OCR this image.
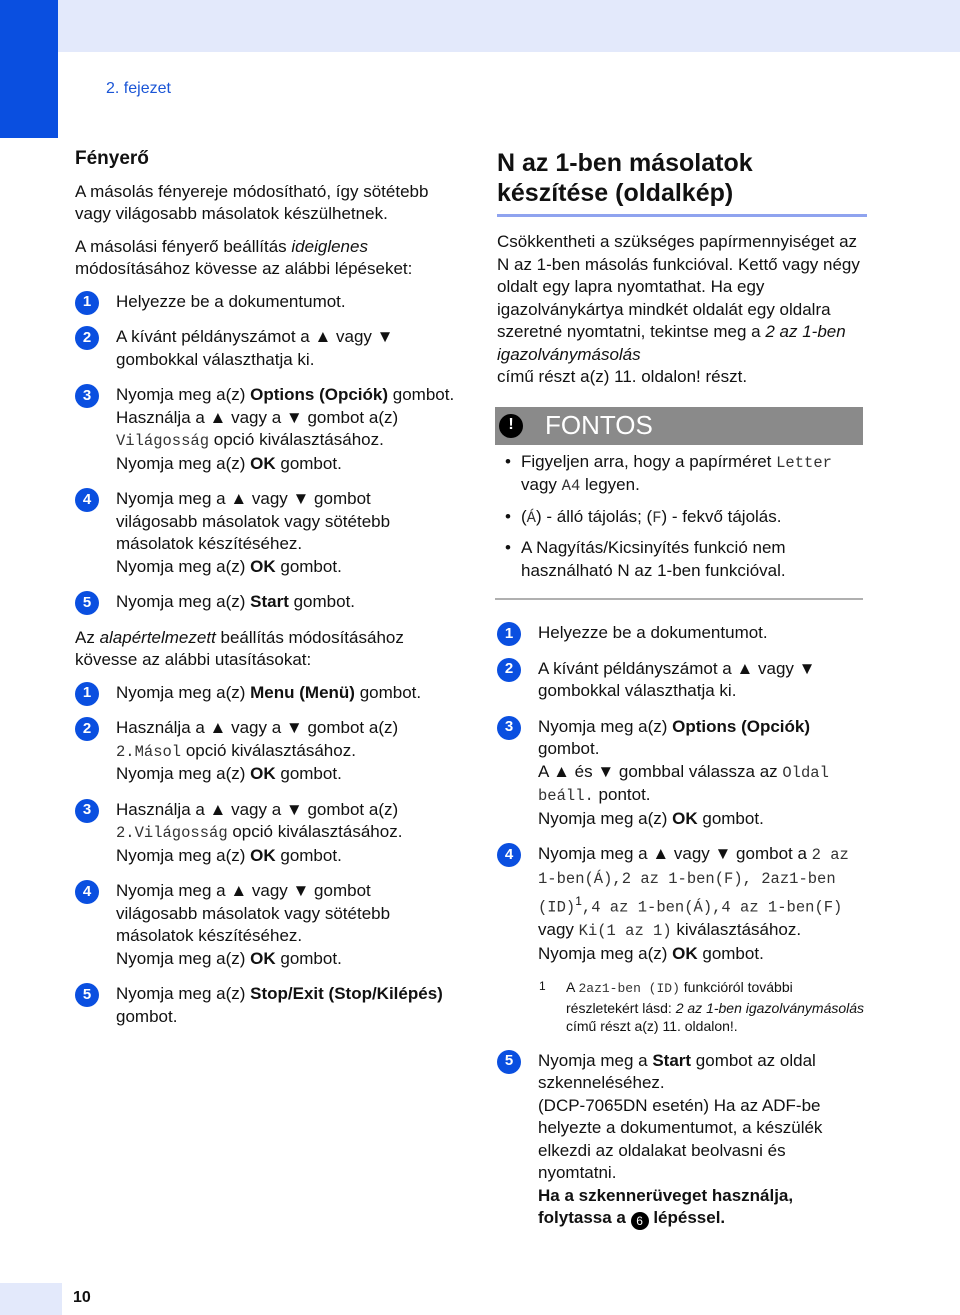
2. fejezet
Fényerő

A másolás fényereje módosítható, így sötétebb vagy világosabb másolatok készülhetnek.

A másolási fényerő beállítás ideiglenes módosításához kövesse az alábbi lépéseket:

1	Helyezze be a dokumentumot.
2	A kívánt példányszámot a ▲ vagy ▼ gombokkal választhatja ki.
3	Nyomja meg a(z) Options (Opciók) gombot.
Használja a ▲ vagy a ▼ gombot a(z) Világosság opció kiválasztásához.
Nyomja meg a(z) OK gombot.
4	Nyomja meg a ▲ vagy ▼ gombot világosabb másolatok vagy sötétebb másolatok készítéséhez.
Nyomja meg a(z) OK gombot.
5	Nyomja meg a(z) Start gombot.

Az alapértelmezett beállítás módosításához kövesse az alábbi utasításokat:

1	Nyomja meg a(z) Menu (Menü) gombot.
2	Használja a ▲ vagy a ▼ gombot a(z)
2.Másol opció kiválasztásához.
Nyomja meg a(z) OK gombot.
3	Használja a ▲ vagy a ▼ gombot a(z)
2.Világosság opció kiválasztásához.
Nyomja meg a(z) OK gombot.
4	Nyomja meg a ▲ vagy ▼ gombot világosabb másolatok vagy sötétebb másolatok készítéséhez.
Nyomja meg a(z) OK gombot.
5	Nyomja meg a(z) Stop/Exit (Stop/Kilépés) gombot.
N az 1-ben másolatok készítése (oldalkép)

Csökkentheti a szükséges papírmennyiséget az N az 1-ben másolás funkcióval. Kettő vagy négy oldalt egy lapra nyomtathat. Ha egy igazolványkártya mindkét oldalát egy oldalra szeretné nyomtatni, tekintse meg a 2 az 1-ben igazolványmásolás
című részt a(z) 11. oldalon! részt.

!	FONTOS
• Figyeljen arra, hogy a papírméret Letter vagy A4 legyen.
• (Á) - álló tájolás; (F) - fekvő tájolás.
• A Nagyítás/Kicsinyítés funkció nem használható N az 1-ben funkcióval.
1	Helyezze be a dokumentumot.
2	A kívánt példányszámot a ▲ vagy ▼ gombokkal választhatja ki.
3	Nyomja meg a(z) Options (Opciók) gombot.
A ▲ és ▼ gombbal válassza az Oldal beáll. pontot.
Nyomja meg a(z) OK gombot.
4	Nyomja meg a ▲ vagy ▼ gombot a 2 az 1-ben(Á),2 az 1-ben(F), 2az1-ben (ID)$^1$,4 az 1-ben(Á),4 az 1-ben(F) vagy Ki(1 az 1) kiválasztásához.
Nyomja meg a(z) OK gombot.
1	A 2az1-ben (ID) funkcióról további részletekért lásd: 2 az 1-ben igazolványmásolás
című részt a(z) 11. oldalon!.
5	Nyomja meg a Start gombot az oldal szkenneléséhez.
(DCP-7065DN esetén) Ha az ADF-be helyezte a dokumentumot, a készülék elkezdi az oldalakat beolvasni és nyomtatni.
Ha a szkennerüveget használja, folytassa a 6 lépéssel.
10
